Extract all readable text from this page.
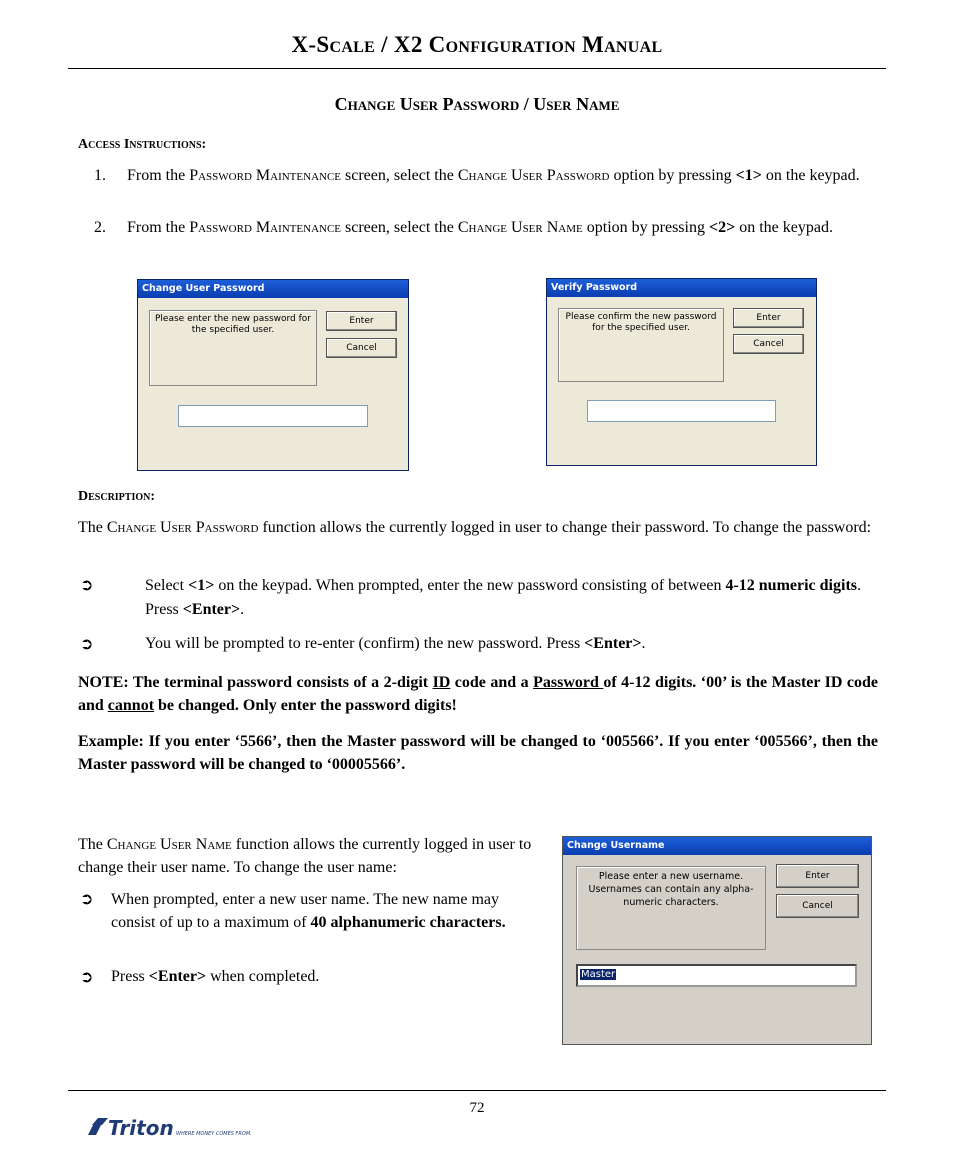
X-Scale / X2 Configuration Manual
Change User Password / User Name
Access Instructions:
1. From the Password Maintenance screen, select the Change User Password option by pressing <1> on the keypad.
2. From the Password Maintenance screen, select the Change User Name option by pressing <2> on the keypad.
Change User Password
Please enter the new password for the specified user.
Enter
Cancel
Verify Password
Please confirm the new password for the specified user.
Enter
Cancel
Description:
The Change User Password function allows the currently logged in user to change their password. To change the password:
➲	Select <1> on the keypad. When prompted, enter the new password consisting of between 4-12 numeric digits. Press <Enter>.
➲	You will be prompted to re-enter (confirm) the new password. Press <Enter>.
NOTE: The terminal password consists of a 2-digit ID code and a Password of 4-12 digits. ‘00’ is the Master ID code and cannot be changed. Only enter the password digits!
Example: If you enter ‘5566’, then the Master password will be changed to ‘005566’. If you enter ‘005566’, then the Master password will be changed to ‘00005566’.
The Change User Name function allows the currently logged in user to change their user name. To change the user name:
➲ When prompted, enter a new user name. The new name may consist of up to a maximum of 40 alphanumeric characters.
➲ Press <Enter> when completed.
Change Username
Please enter a new username. Usernames can contain any alpha-numeric characters.
Enter
Cancel
Master
72
Triton WHERE MONEY COMES FROM.
